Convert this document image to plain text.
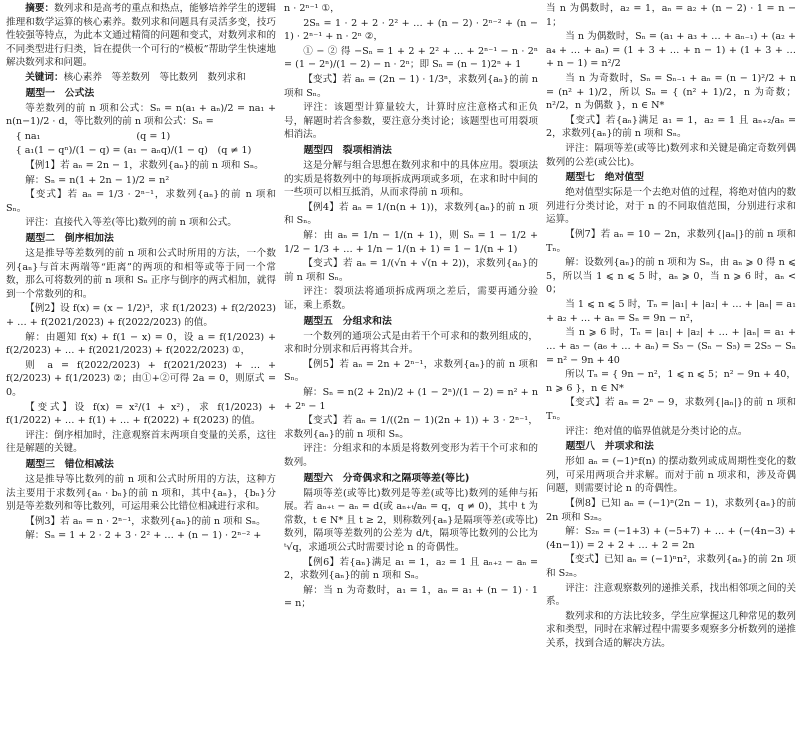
摘要：数列求和是高考的重点和热点，能够培养学生的逻辑推理和数学运算的核心素养。数列求和问题具有灵活多变，技巧性较强等特点，为此本文通过精简的问题和变式，对数列求和的不同类型进行归类，旨在提供一个可行的“模板”帮助学生快速地解决数列求和问题。

关键词：核心素养　等差数列　等比数列　数列求和

题型一　公式法

等差数列的前 n 项和公式：Sₙ = n(a₁ + aₙ)/2 = na₁ + n(n−1)/2 · d，等比数列的前 n 项和公式：Sₙ =

{ na₁　　　　　　　　　　(q = 1)
{ a₁(1 − qⁿ)/(1 − q) = (a₁ − aₙq)/(1 − q)　(q ≠ 1)

【例1】若 aₙ = 2n − 1，求数列{aₙ}的前 n 项和 Sₙ。

解：Sₙ = n(1 + 2n − 1)/2 = n²

【变式】若 aₙ = 1/3 · 2ⁿ⁻¹，求数列{aₙ}的前 n 项和 Sₙ。

评注：直接代入等差(等比)数列的前 n 项和公式。

题型二　倒序相加法

这是推导等差数列的前 n 项和公式时所用的方法，一个数列{aₙ}与首末两端等“距离”的两项的和相等或等于同一个常数，那么可将数列的前 n 项和 Sₙ 正序与倒序的两式相加，就得到一个常数列的和。

【例2】设 f(x) = (x − 1/2)³，求 f(1/2023) + f(2/2023) + … + f(2021/2023) + f(2022/2023) 的值。

解：由题知 f(x) + f(1 − x) = 0，设 a = f(1/2023) + f(2/2023) + … + f(2021/2023) + f(2022/2023) ①，

则 a = f(2022/2023) + f(2021/2023) + … + f(2/2023) + f(1/2023) ②；由①+②可得 2a = 0，则原式 = 0。

【变式】设 f(x) = x²/(1 + x²)，求 f(1/2023) + f(1/2022) + … + f(1) + … + f(2022) + f(2023) 的值。

评注：倒序相加时，注意观察首末两项自变量的关系，这往往是解题的关键。

题型三　错位相减法

这是推导等比数列的前 n 项和公式时所用的方法，这种方法主要用于求数列{aₙ · bₙ}的前 n 项和，其中{aₙ}，{bₙ}分别是等差数列和等比数列，可运用乘公比错位相减进行求和。

【例3】若 aₙ = n · 2ⁿ⁻¹，求数列{aₙ}的前 n 项和 Sₙ。

解：Sₙ = 1 + 2 · 2 + 3 · 2² + … + (n − 1) · 2ⁿ⁻² +

n · 2ⁿ⁻¹ ①，

2Sₙ = 1 · 2 + 2 · 2² + … + (n − 2) · 2ⁿ⁻² + (n − 1) · 2ⁿ⁻¹ + n · 2ⁿ ②，

① − ② 得 −Sₙ = 1 + 2 + 2² + … + 2ⁿ⁻¹ − n · 2ⁿ = (1 − 2ⁿ)/(1 − 2) − n · 2ⁿ；即 Sₙ = (n − 1)2ⁿ + 1

【变式】若 aₙ = (2n − 1) · 1/3ⁿ，求数列{aₙ}的前 n 项和 Sₙ。

评注：该题型计算量较大，计算时应注意格式和正负号，解题时若含参数，要注意分类讨论；该题型也可用裂项相消法。

题型四　裂项相消法

这是分解与组合思想在数列求和中的具体应用。裂项法的实质是将数列中的每项拆成两项或多项，在求和时中间的一些项可以相互抵消，从而求得前 n 项和。

【例4】若 aₙ = 1/(n(n + 1))，求数列{aₙ}的前 n 项和 Sₙ。

解：由 aₙ = 1/n − 1/(n + 1)，则 Sₙ = 1 − 1/2 + 1/2 − 1/3 + … + 1/n − 1/(n + 1) = 1 − 1/(n + 1)

【变式】若 aₙ = 1/(√n + √(n + 2))，求数列{aₙ}的前 n 项和 Sₙ。

评注：裂项法将通项拆成两项之差后，需要再通分验证，乘上系数。

题型五　分组求和法

一个数列的通项公式是由若干个可求和的数列组成的，求和时分别求和后再将其合并。

【例5】若 aₙ = 2n + 2ⁿ⁻¹，求数列{aₙ}的前 n 项和 Sₙ。

解：Sₙ = n(2 + 2n)/2 + (1 − 2ⁿ)/(1 − 2) = n² + n + 2ⁿ − 1

【变式】若 aₙ = 1/((2n − 1)(2n + 1)) + 3 · 2ⁿ⁻¹，求数列{aₙ}的前 n 项和 Sₙ。

评注：分组求和的本质是将数列变形为若干个可求和的数列。

题型六　分奇偶求和之隔项等差(等比)

隔项等差(或等比)数列是等差(或等比)数列的延伸与拓展。若 aₙ₊ₜ − aₙ = d(或 aₙ₊ₜ/aₙ = q，q ≠ 0)，其中 t 为常数，t ∈ N* 且 t ≥ 2，则称数列{aₙ}是隔项等差(或等比)数列，隔项等差数列的公差为 d/t，隔项等比数列的公比为 ᵗ√q，求通项公式时需要讨论 n 的奇偶性。

【例6】若{aₙ}满足 a₁ = 1，a₂ = 1 且 aₙ₊₂ − aₙ = 2，求数列{aₙ}的前 n 项和 Sₙ。

解：当 n 为奇数时，a₁ = 1，aₙ = a₁ + (n − 1) · 1 = n；

当 n 为偶数时，a₂ = 1，aₙ = a₂ + (n − 2) · 1 = n − 1；

当 n 为偶数时，Sₙ = (a₁ + a₃ + … + aₙ₋₁) + (a₂ + a₄ + … + aₙ) = (1 + 3 + … + n − 1) + (1 + 3 + … + n − 1) = n²/2

当 n 为奇数时，Sₙ = Sₙ₋₁ + aₙ = (n − 1)²/2 + n = (n² + 1)/2，所以 Sₙ = { (n² + 1)/2，n 为奇数；n²/2，n 为偶数 }，n ∈ N*

【变式】若{aₙ}满足 a₁ = 1，a₂ = 1 且 aₙ₊₂/aₙ = 2，求数列{aₙ}的前 n 项和 Sₙ。

评注：隔项等差(或等比)数列求和关键是确定奇数列偶数列的公差(或公比)。

题型七　绝对值型

绝对值型实际是一个去绝对值的过程，将绝对值内的数列进行分类讨论，对于 n 的不同取值范围，分别进行求和运算。

【例7】若 aₙ = 10 − 2n，求数列{|aₙ|}的前 n 项和 Tₙ。

解：设数列{aₙ}的前 n 项和为 Sₙ，由 aₙ ⩾ 0 得 n ⩽ 5，所以当 1 ⩽ n ⩽ 5 时，aₙ ⩾ 0，当 n ⩾ 6 时，aₙ < 0；

当 1 ⩽ n ⩽ 5 时，Tₙ = |a₁| + |a₂| + … + |aₙ| = a₁ + a₂ + … + aₙ = Sₙ = 9n − n²，

当 n ⩾ 6 时，Tₙ = |a₁| + |a₂| + … + |aₙ| = a₁ + … + a₅ − (a₆ + … + aₙ) = S₅ − (Sₙ − S₅) = 2S₅ − Sₙ = n² − 9n + 40

所以 Tₙ = { 9n − n²，1 ⩽ n ⩽ 5；n² − 9n + 40，n ⩾ 6 }，n ∈ N*

【变式】若 aₙ = 2ⁿ − 9，求数列{|aₙ|}的前 n 项和 Tₙ。

评注：绝对值的临界值就是分类讨论的点。

题型八　并项求和法

形如 aₙ = (−1)ⁿf(n) 的摆动数列或成周期性变化的数列，可采用两项合并求解。而对于前 n 项求和，涉及奇偶问题，则需要讨论 n 的奇偶性。

【例8】已知 aₙ = (−1)ⁿ(2n − 1)，求数列{aₙ}的前 2n 项和 S₂ₙ。

解：S₂ₙ = (−1+3) + (−5+7) + … + (−(4n−3) + (4n−1)) = 2 + 2 + … + 2 = 2n

【变式】已知 aₙ = (−1)ⁿn²，求数列{aₙ}的前 2n 项和 S₂ₙ。

评注：注意观察数列的递推关系，找出相邻项之间的关系。

数列求和的方法比较多，学生应掌握这几种常见的数列求和类型，同时在求解过程中需要多观察多分析数列的递推关系，找到合适的解决方法。
